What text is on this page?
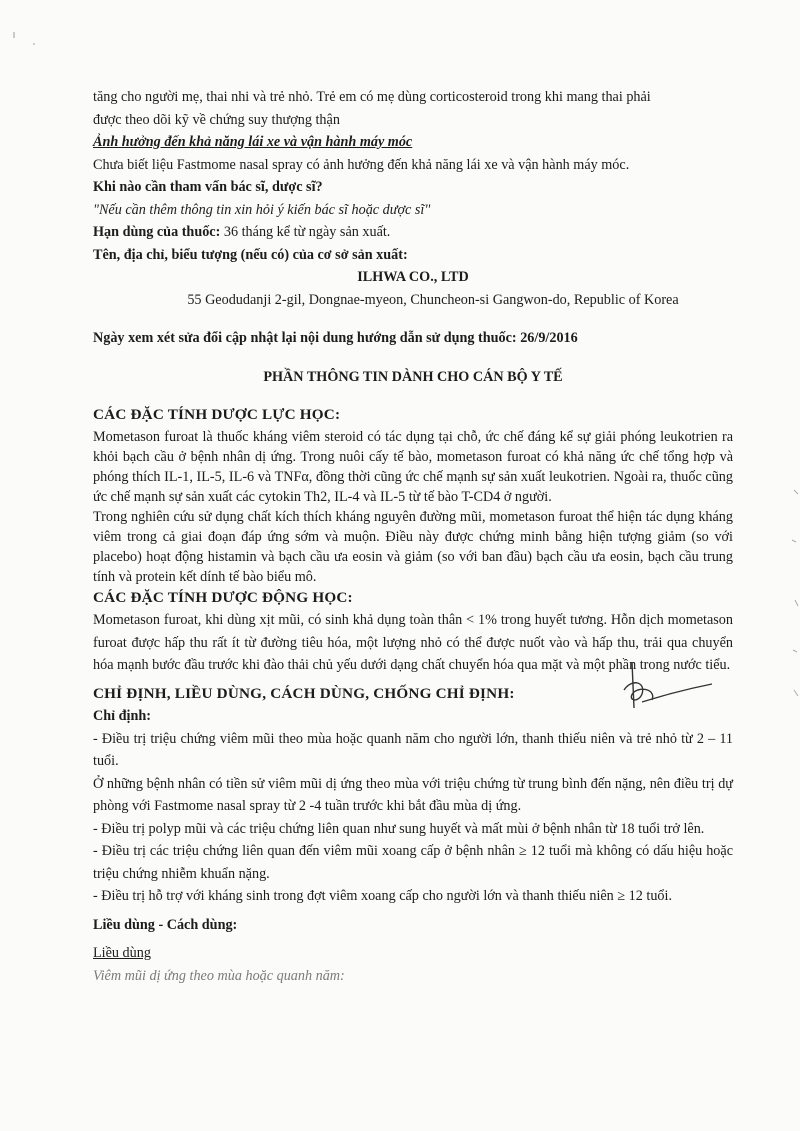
tăng cho người mẹ, thai nhi và trẻ nhỏ. Trẻ em có mẹ dùng corticosteroid trong khi mang thai phải

được theo dõi kỹ về chứng suy thượng thận

Ảnh hưởng đến khả năng lái xe và vận hành máy móc

Chưa biết liệu Fastmome nasal spray có ảnh hưởng đến khả năng lái xe và vận hành máy móc.

Khi nào cần tham vấn bác sĩ, dược sĩ?

"Nếu cần thêm thông tin xin hỏi ý kiến bác sĩ hoặc dược sĩ"

Hạn dùng của thuốc: 36 tháng kể từ ngày sản xuất.

Tên, địa chỉ, biểu tượng (nếu có) của cơ sở sản xuất:

ILHWA CO., LTD

55 Geodudanji 2-gil, Dongnae-myeon, Chuncheon-si Gangwon-do, Republic of Korea

Ngày xem xét sửa đổi cập nhật lại nội dung hướng dẫn sử dụng thuốc: 26/9/2016

PHẦN THÔNG TIN DÀNH CHO CÁN BỘ Y TẾ

CÁC ĐẶC TÍNH DƯỢC LỰC HỌC:

Mometason furoat là thuốc kháng viêm steroid có tác dụng tại chỗ, ức chế đáng kể sự giải phóng leukotrien ra khỏi bạch cầu ở bệnh nhân dị ứng. Trong nuôi cấy tế bào, mometason furoat có khả năng ức chế tổng hợp và phóng thích IL-1, IL-5, IL-6 và TNFα, đồng thời cũng ức chế mạnh sự sản xuất leukotrien. Ngoài ra, thuốc cũng ức chế mạnh sự sản xuất các cytokin Th2, IL-4 và IL-5 từ tế bào T-CD4 ở người.

Trong nghiên cứu sử dụng chất kích thích kháng nguyên đường mũi, mometason furoat thể hiện tác dụng kháng viêm trong cả giai đoạn đáp ứng sớm và muộn. Điều này được chứng minh bằng hiện tượng giảm (so với placebo) hoạt động histamin và bạch cầu ưa eosin và giảm (so với ban đầu) bạch cầu ưa eosin, bạch cầu trung tính và protein kết dính tế bào biểu mô.

CÁC ĐẶC TÍNH DƯỢC ĐỘNG HỌC:

Mometason furoat, khi dùng xịt mũi, có sinh khả dụng toàn thân < 1% trong huyết tương. Hỗn dịch mometason furoat được hấp thu rất ít từ đường tiêu hóa, một lượng nhỏ có thể được nuốt vào và hấp thu, trải qua chuyển hóa mạnh bước đầu trước khi đào thải chủ yếu dưới dạng chất chuyển hóa qua mặt và một phần trong nước tiểu.

CHỈ ĐỊNH, LIỀU DÙNG, CÁCH DÙNG, CHỐNG CHỈ ĐỊNH:

Chỉ định:

- Điều trị triệu chứng viêm mũi theo mùa hoặc quanh năm cho người lớn, thanh thiếu niên và trẻ nhỏ từ 2 – 11 tuổi.

Ở những bệnh nhân có tiền sử viêm mũi dị ứng theo mùa với triệu chứng từ trung bình đến nặng, nên điều trị dự phòng với Fastmome nasal spray từ 2 -4 tuần trước khi bắt đầu mùa dị ứng.

- Điều trị polyp mũi và các triệu chứng liên quan như sung huyết và mất mùi ở bệnh nhân từ 18 tuổi trở lên.

- Điều trị các triệu chứng liên quan đến viêm mũi xoang cấp ở bệnh nhân ≥ 12 tuổi mà không có dấu hiệu hoặc triệu chứng nhiễm khuẩn nặng.

- Điều trị hỗ trợ với kháng sinh trong đợt viêm xoang cấp cho người lớn và thanh thiếu niên ≥ 12 tuổi.

Liều dùng - Cách dùng:

Liều dùng

Viêm mũi dị ứng theo mùa hoặc quanh năm:
